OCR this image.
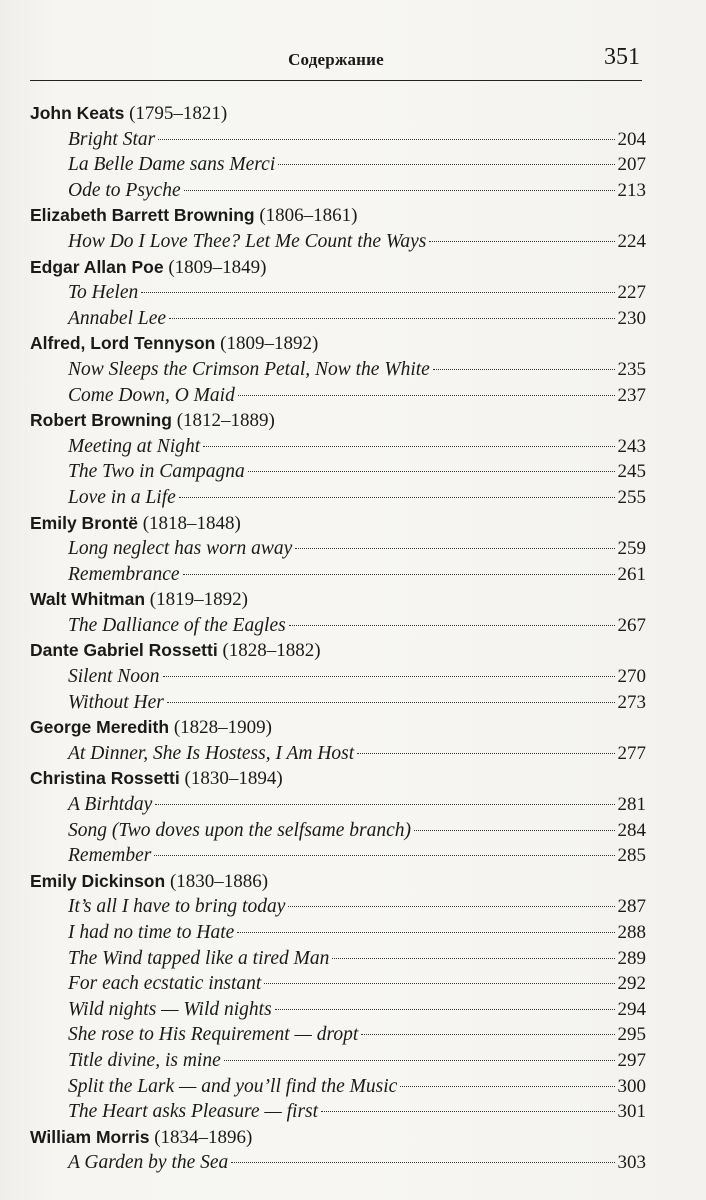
Содержание	351
John Keats (1795–1821)
Bright Star	204
La Belle Dame sans Merci	207
Ode to Psyche	213
Elizabeth Barrett Browning (1806–1861)
How Do I Love Thee? Let Me Count the Ways	224
Edgar Allan Poe (1809–1849)
To Helen	227
Annabel Lee	230
Alfred, Lord Tennyson (1809–1892)
Now Sleeps the Crimson Petal, Now the White	235
Come Down, O Maid	237
Robert Browning (1812–1889)
Meeting at Night	243
The Two in Campagna	245
Love in a Life	255
Emily Brontë (1818–1848)
Long neglect has worn away	259
Remembrance	261
Walt Whitman (1819–1892)
The Dalliance of the Eagles	267
Dante Gabriel Rossetti (1828–1882)
Silent Noon	270
Without Her	273
George Meredith (1828–1909)
At Dinner, She Is Hostess, I Am Host	277
Christina Rossetti (1830–1894)
A Birhtday	281
Song (Two doves upon the selfsame branch)	284
Remember	285
Emily Dickinson (1830–1886)
It’s all I have to bring today	287
I had no time to Hate	288
The Wind tapped like a tired Man	289
For each ecstatic instant	292
Wild nights — Wild nights	294
She rose to His Requirement — dropt	295
Title divine, is mine	297
Split the Lark — and you’ll find the Music	300
The Heart asks Pleasure — first	301
William Morris (1834–1896)
A Garden by the Sea	303
